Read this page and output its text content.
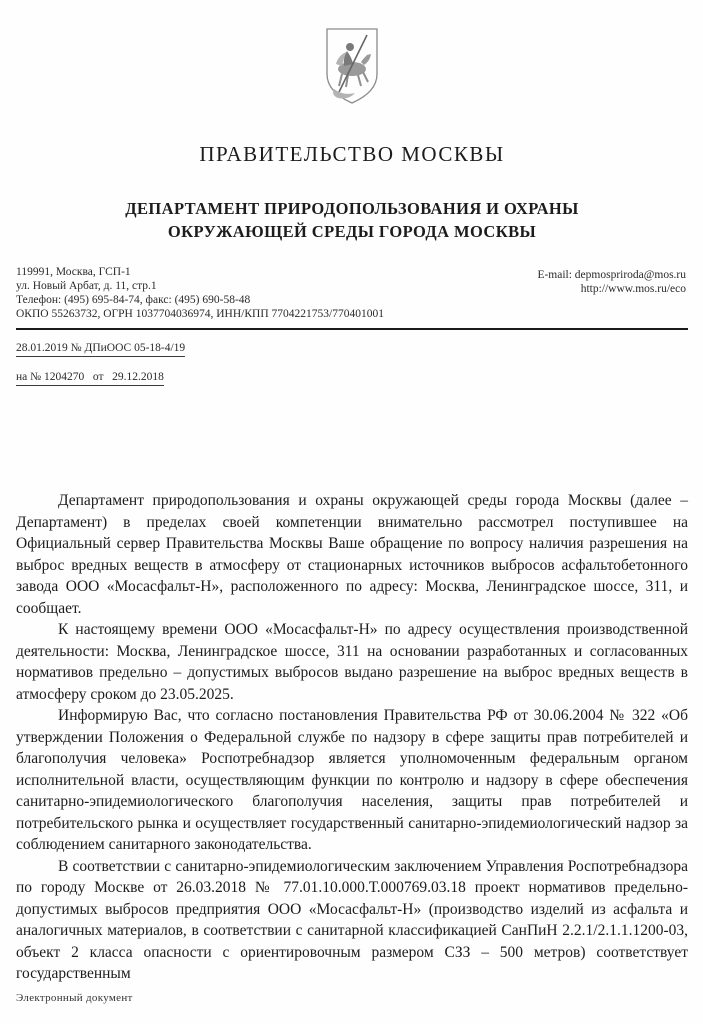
ПРАВИТЕЛЬСТВО МОСКВЫ
ДЕПАРТАМЕНТ ПРИРОДОПОЛЬЗОВАНИЯ И ОХРАНЫ
ОКРУЖАЮЩЕЙ СРЕДЫ ГОРОДА МОСКВЫ
119991, Москва, ГСП-1
ул. Новый Арбат, д. 11, стр.1
Телефон: (495) 695-84-74, факс: (495) 690-58-48
ОКПО 55263732, ОГРН 1037704036974, ИНН/КПП 7704221753/770401001
E-mail: depmospriroda@mos.ru
http://www.mos.ru/eco
28.01.2019 № ДПиООС 05-18-4/19
на № 1204270   от   29.12.2018

Департамент природопользования и охраны окружающей среды города Москвы (далее – Департамент) в пределах своей компетенции внимательно рассмотрел поступившее на Официальный сервер Правительства Москвы Ваше обращение по вопросу наличия разрешения на выброс вредных веществ в атмосферу от стационарных источников выбросов асфальтобетонного завода ООО «Мосасфальт-Н», расположенного по адресу: Москва, Ленинградское шоссе, 311, и сообщает.

К настоящему времени ООО «Мосасфальт-Н» по адресу осуществления производственной деятельности: Москва, Ленинградское шоссе, 311 на основании разработанных и согласованных нормативов предельно – допустимых выбросов выдано разрешение на выброс вредных веществ в атмосферу сроком до 23.05.2025.

Информирую Вас, что согласно постановления Правительства РФ от 30.06.2004 № 322 «Об утверждении Положения о Федеральной службе по надзору в сфере защиты прав потребителей и благополучия человека» Роспотребнадзор является уполномоченным федеральным органом исполнительной власти, осуществляющим функции по контролю и надзору в сфере обеспечения санитарно-эпидемиологического благополучия населения, защиты прав потребителей и потребительского рынка и осуществляет государственный санитарно-эпидемиологический надзор за соблюдением санитарного законодательства.

В соответствии с санитарно-эпидемиологическим заключением Управления Роспотребнадзора по городу Москве от 26.03.2018 № 77.01.10.000.Т.000769.03.18 проект нормативов предельно-допустимых выбросов предприятия ООО «Мосасфальт-Н» (производство изделий из асфальта и аналогичных материалов, в соответствии с санитарной классификацией СанПиН 2.2.1/2.1.1.1200-03, объект 2 класса опасности с ориентировочным размером СЗЗ – 500 метров) соответствует государственным

Электронный документ
